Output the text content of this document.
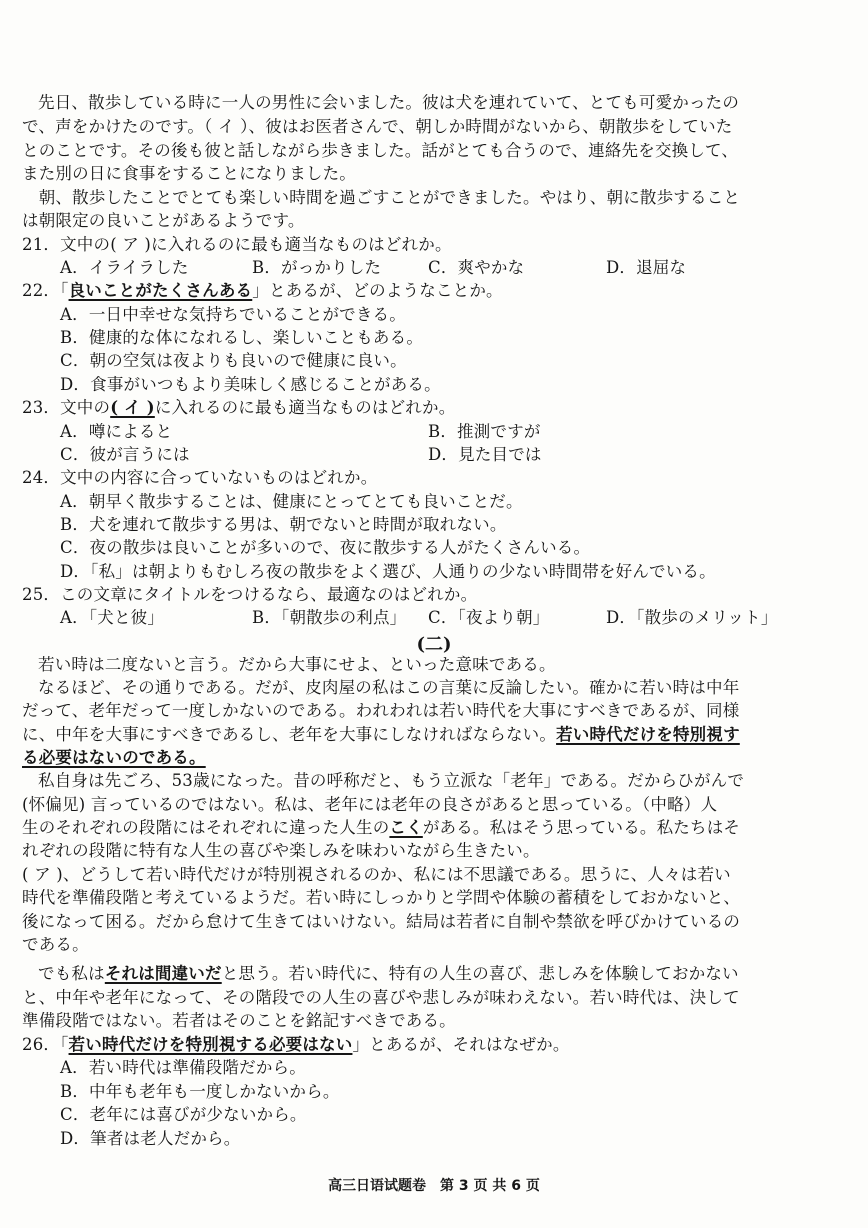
先日、散歩している時に一人の男性に会いました。彼は犬を連れていて、とても可愛かったの
で、声をかけたのです。（ イ ）、彼はお医者さんで、朝しか時間がないから、朝散歩をしていた
とのことです。その後も彼と話しながら歩きました。話がとても合うので、連絡先を交換して、
また別の日に食事をすることになりました。
　朝、散歩したことでとても楽しい時間を過ごすことができました。やはり、朝に散歩すること
は朝限定の良いことがあるようです。
21．文中の( ア )に入れるのに最も適当なものはどれか。
A．イライラした	B．がっかりした	C．爽やかな	D．退屈な
22．「良いことがたくさんある」とあるが、どのようなことか。
A．一日中幸せな気持ちでいることができる。
B．健康的な体になれるし、楽しいこともある。
C．朝の空気は夜よりも良いので健康に良い。
D．食事がいつもより美味しく感じることがある。
23．文中の( イ )に入れるのに最も適当なものはどれか。
A．噂によると	B．推測ですが
C．彼が言うには	D．見た目では
24．文中の内容に合っていないものはどれか。
A．朝早く散歩することは、健康にとってとても良いことだ。
B．犬を連れて散歩する男は、朝でないと時間が取れない。
C．夜の散歩は良いことが多いので、夜に散歩する人がたくさんいる。
D．「私」は朝よりもむしろ夜の散歩をよく選び、人通りの少ない時間帯を好んでいる。
25．この文章にタイトルをつけるなら、最適なのはどれか。
A．「犬と彼」	B．「朝散歩の利点」 C．「夜より朝」	D．「散歩のメリット」
(二)
若い時は二度ないと言う。だから大事にせよ、といった意味である。
なるほど、その通りである。だが、皮肉屋の私はこの言葉に反論したい。確かに若い時は中年
だって、老年だって一度しかないのである。われわれは若い時代を大事にすべきであるが、同様
に、中年を大事にすべきであるし、老年を大事にしなければならない。若い時代だけを特別視す
る必要はないのである。
私自身は先ごろ、53歳になった。昔の呼称だと、もう立派な「老年」である。だからひがんで
(怀偏见) 言っているのではない。私は、老年には老年の良さがあると思っている。（中略）人
生のそれぞれの段階にはそれぞれに違った人生のこくがある。私はそう思っている。私たちはそ
れぞれの段階に特有な人生の喜びや楽しみを味わいながら生きたい。
( ア )、どうして若い時代だけが特別視されるのか、私には不思議である。思うに、人々は若い
時代を準備段階と考えているようだ。若い時にしっかりと学問や体験の蓄積をしておかないと、
後になって困る。だから怠けて生きてはいけない。結局は若者に自制や禁欲を呼びかけているの
である。
でも私はそれは間違いだと思う。若い時代に、特有の人生の喜び、悲しみを体験しておかない
と、中年や老年になって、その階段での人生の喜びや悲しみが味わえない。若い時代は、決して
準備段階ではない。若者はそのことを銘記すべきである。
26．「若い時代だけを特別視する必要はない」とあるが、それはなぜか。
A．若い時代は準備段階だから。
B．中年も老年も一度しかないから。
C．老年には喜びが少ないから。
D．筆者は老人だから。
高三日语试题卷　第 3 页 共 6 页
